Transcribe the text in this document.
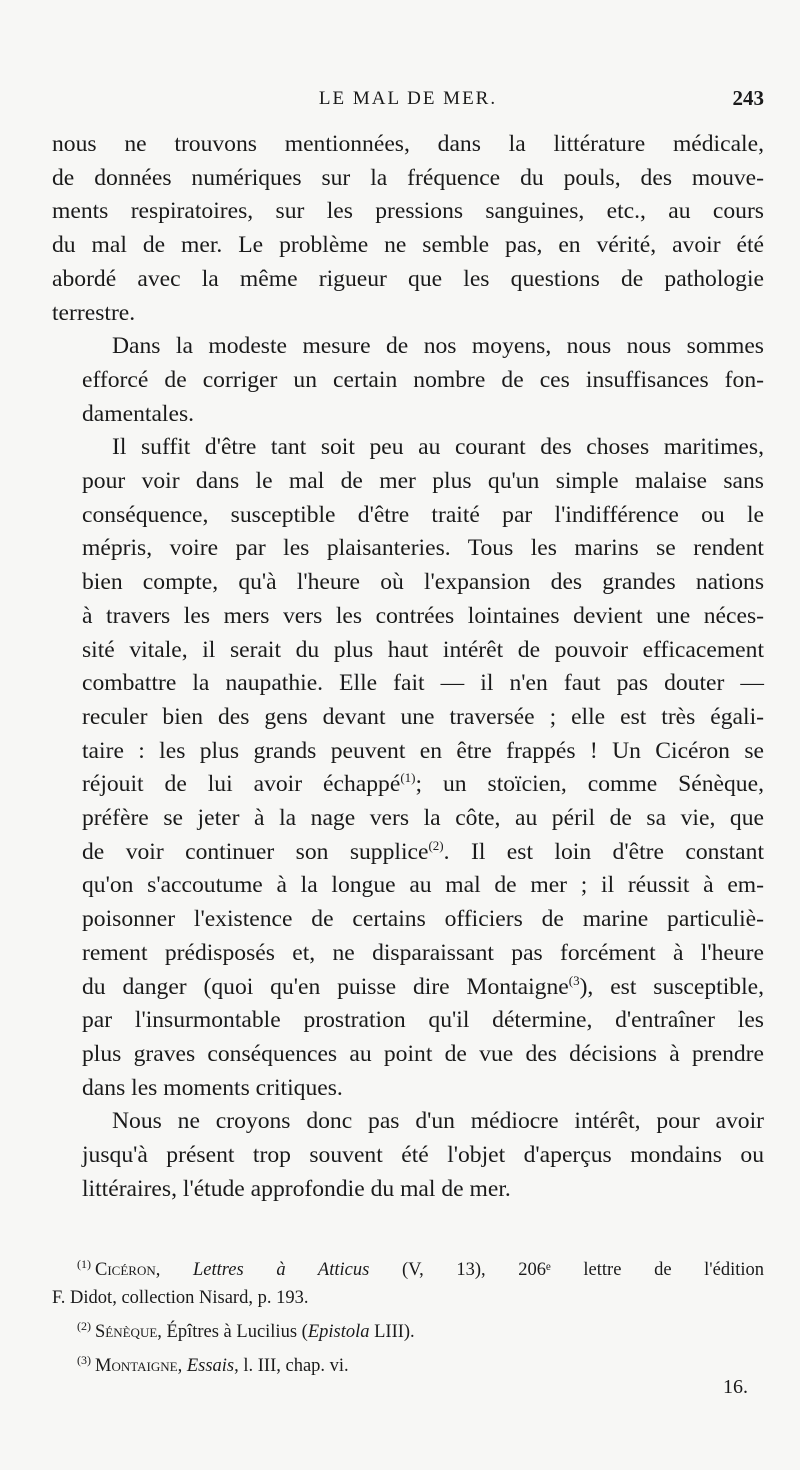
LE MAL DE MER.	243
nous ne trouvons mentionnées, dans la littérature médicale,
de données numériques sur la fréquence du pouls, des mouve-
ments respiratoires, sur les pressions sanguines, etc., au cours
du mal de mer. Le problème ne semble pas, en vérité, avoir été
abordé avec la même rigueur que les questions de pathologie
terrestre.
Dans la modeste mesure de nos moyens, nous nous sommes
efforcé de corriger un certain nombre de ces insuffisances fon-
damentales.
Il suffit d'être tant soit peu au courant des choses maritimes,
pour voir dans le mal de mer plus qu'un simple malaise sans
conséquence, susceptible d'être traité par l'indifférence ou le
mépris, voire par les plaisanteries. Tous les marins se rendent
bien compte, qu'à l'heure où l'expansion des grandes nations
à travers les mers vers les contrées lointaines devient une néces-
sité vitale, il serait du plus haut intérêt de pouvoir efficacement
combattre la naupathie. Elle fait — il n'en faut pas douter —
reculer bien des gens devant une traversée ; elle est très égali-
taire : les plus grands peuvent en être frappés ! Un Cicéron se
réjouit de lui avoir échappé$^{(1)}$; un stoïcien, comme Sénèque,
préfère se jeter à la nage vers la côte, au péril de sa vie, que
de voir continuer son supplice$^{(2)}$. Il est loin d'être constant
qu'on s'accoutume à la longue au mal de mer ; il réussit à em-
poisonner l'existence de certains officiers de marine particuliè-
rement prédisposés et, ne disparaissant pas forcément à l'heure
du danger (quoi qu'en puisse dire Montaigne$^{(3}$), est susceptible,
par l'insurmontable prostration qu'il détermine, d'entraîner les
plus graves conséquences au point de vue des décisions à prendre
dans les moments critiques.
Nous ne croyons donc pas d'un médiocre intérêt, pour avoir
jusqu'à présent trop souvent été l'objet d'aperçus mondains ou
littéraires, l'étude approfondie du mal de mer.
$^{(1)}$ Cicéron, Lettres à Atticus (V, 13), 206ᵉ lettre de l'édition
F. Didot, collection Nisard, p. 193.
$^{(2)}$ Sénèque, Épîtres à Lucilius (Epistola LIII).
$^{(3)}$ Montaigne, Essais, l. III, chap. vi.
16.
